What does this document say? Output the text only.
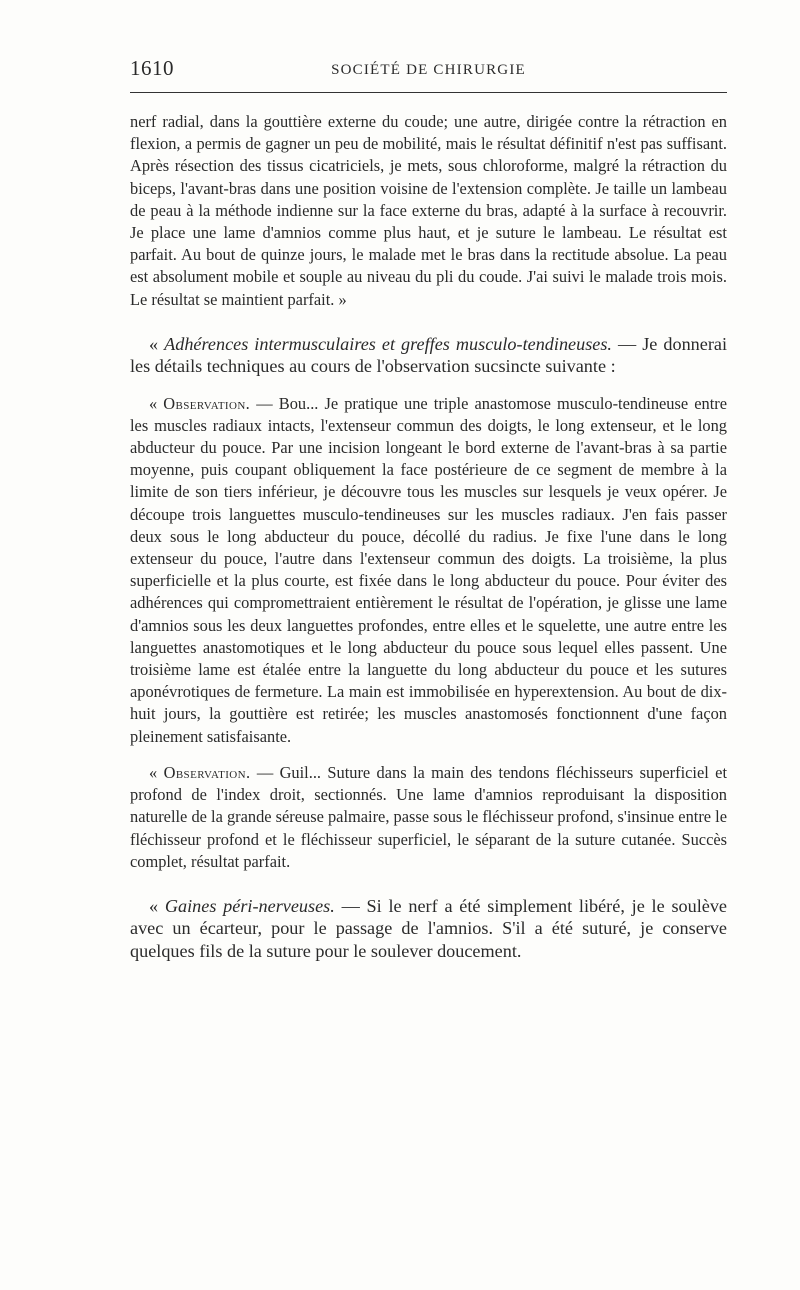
1610	SOCIÉTÉ DE CHIRURGIE

nerf radial, dans la gouttière externe du coude; une autre, dirigée contre la rétraction en flexion, a permis de gagner un peu de mobilité, mais le résultat définitif n'est pas suffisant. Après résection des tissus cicatriciels, je mets, sous chloroforme, malgré la rétraction du biceps, l'avant-bras dans une position voisine de l'extension complète. Je taille un lambeau de peau à la méthode indienne sur la face externe du bras, adapté à la surface à recouvrir. Je place une lame d'amnios comme plus haut, et je suture le lambeau. Le résultat est parfait. Au bout de quinze jours, le malade met le bras dans la rectitude absolue. La peau est absolument mobile et souple au niveau du pli du coude. J'ai suivi le malade trois mois. Le résultat se maintient parfait. »

« Adhérences intermusculaires et greffes musculo-tendineuses. — Je donnerai les détails techniques au cours de l'observation sucsincte suivante :

« Observation. — Bou... Je pratique une triple anastomose musculo-tendineuse entre les muscles radiaux intacts, l'extenseur commun des doigts, le long extenseur, et le long abducteur du pouce. Par une incision longeant le bord externe de l'avant-bras à sa partie moyenne, puis coupant obliquement la face postérieure de ce segment de membre à la limite de son tiers inférieur, je découvre tous les muscles sur lesquels je veux opérer. Je découpe trois languettes musculo-tendineuses sur les muscles radiaux. J'en fais passer deux sous le long abducteur du pouce, décollé du radius. Je fixe l'une dans le long extenseur du pouce, l'autre dans l'extenseur commun des doigts. La troisième, la plus superficielle et la plus courte, est fixée dans le long abducteur du pouce. Pour éviter des adhérences qui compromettraient entièrement le résultat de l'opération, je glisse une lame d'amnios sous les deux languettes profondes, entre elles et le squelette, une autre entre les languettes anastomotiques et le long abducteur du pouce sous lequel elles passent. Une troisième lame est étalée entre la languette du long abducteur du pouce et les sutures aponévrotiques de fermeture. La main est immobilisée en hyperextension. Au bout de dix-huit jours, la gouttière est retirée; les muscles anastomosés fonctionnent d'une façon pleinement satisfaisante.

« Observation. — Guil... Suture dans la main des tendons fléchisseurs superficiel et profond de l'index droit, sectionnés. Une lame d'amnios reproduisant la disposition naturelle de la grande séreuse palmaire, passe sous le fléchisseur profond, s'insinue entre le fléchisseur profond et le fléchisseur superficiel, le séparant de la suture cutanée. Succès complet, résultat parfait.

« Gaines péri-nerveuses. — Si le nerf a été simplement libéré, je le soulève avec un écarteur, pour le passage de l'amnios. S'il a été suturé, je conserve quelques fils de la suture pour le soulever doucement.
